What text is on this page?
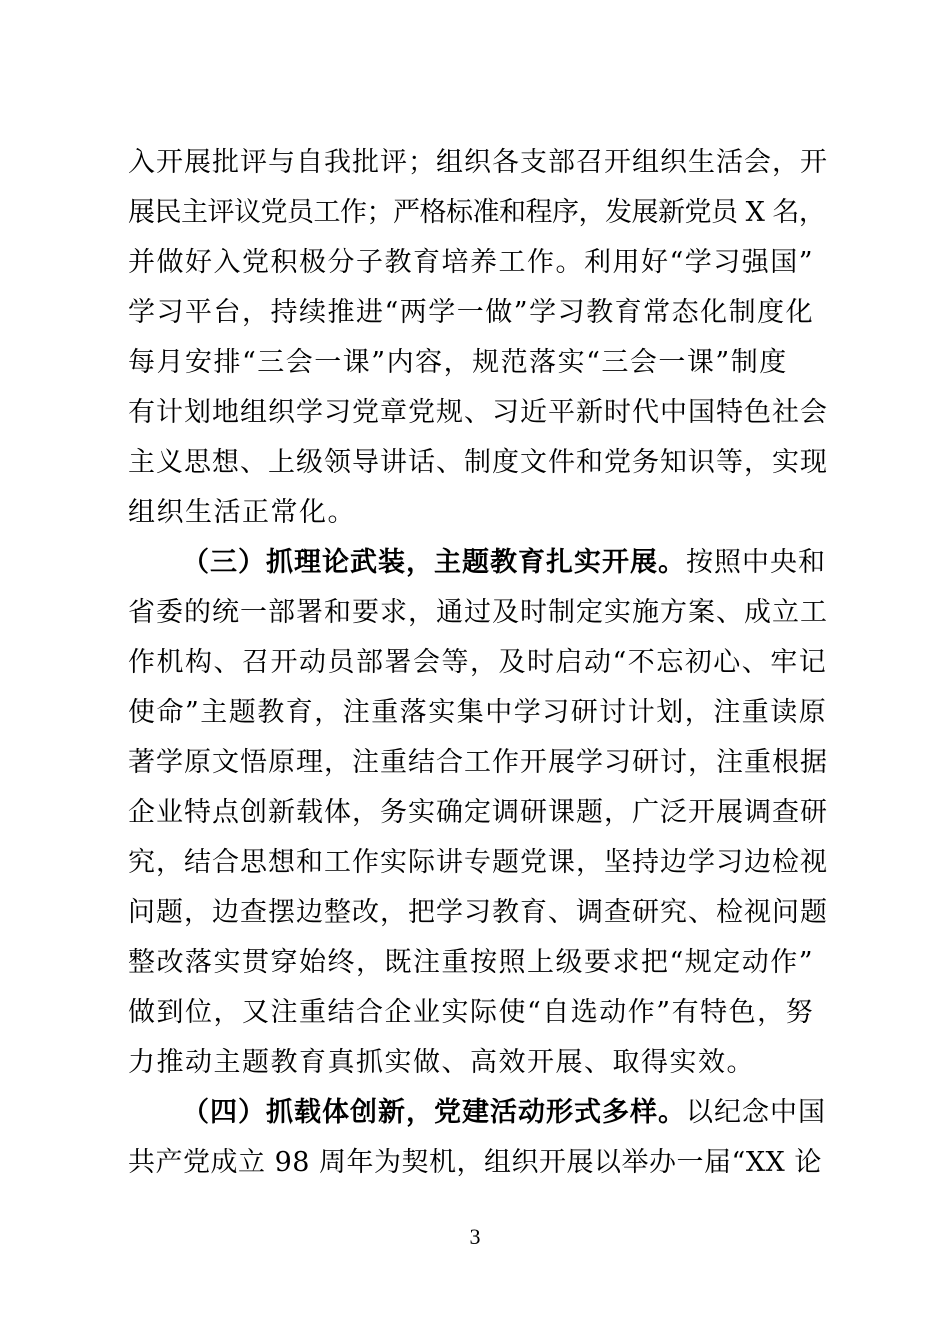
入开展批评与自我批评；组织各支部召开组织生活会，开
展民主评议党员工作；严格标准和程序，发展新党员 X 名，
并做好入党积极分子教育培养工作。利用好“学习强国”
学习平台，持续推进“两学一做”学习教育常态化制度化
每月安排“三会一课”内容，规范落实“三会一课”制度
有计划地组织学习党章党规、习近平新时代中国特色社会
主义思想、上级领导讲话、制度文件和党务知识等，实现
组织生活正常化。
（三）抓理论武装，主题教育扎实开展。按照中央和
省委的统一部署和要求，通过及时制定实施方案、成立工
作机构、召开动员部署会等，及时启动“不忘初心、牢记
使命”主题教育，注重落实集中学习研讨计划，注重读原
著学原文悟原理，注重结合工作开展学习研讨，注重根据
企业特点创新载体，务实确定调研课题，广泛开展调查研
究，结合思想和工作实际讲专题党课，坚持边学习边检视
问题，边查摆边整改，把学习教育、调查研究、检视问题
整改落实贯穿始终，既注重按照上级要求把“规定动作”
做到位，又注重结合企业实际使“自选动作”有特色，努
力推动主题教育真抓实做、高效开展、取得实效。
（四）抓载体创新，党建活动形式多样。以纪念中国
共产党成立 98 周年为契机，组织开展以举办一届“XX 论
3
